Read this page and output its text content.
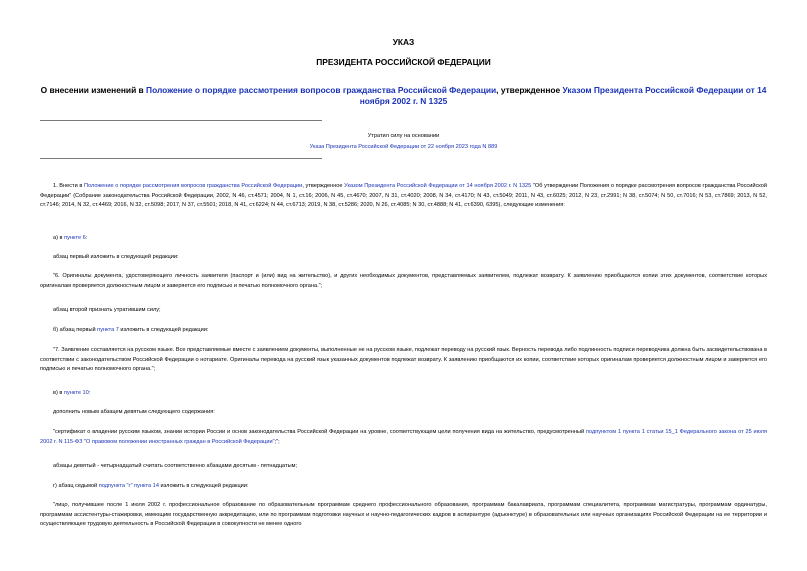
УКАЗ
ПРЕЗИДЕНТА РОССИЙСКОЙ ФЕДЕРАЦИИ
О внесении изменений в Положение о порядке рассмотрения вопросов гражданства Российской Федерации, утвержденное Указом Президента Российской Федерации от 14 ноября 2002 г. N 1325
Утратил силу на основании
Указа Президента Российской Федерации от 22 ноября 2023 года N 889
1. Внести в Положение о порядке рассмотрения вопросов гражданства Российской Федерации, утвержденное Указом Президента Российской Федерации от 14 ноября 2002 г. N 1325 "Об утверждении Положения о порядке рассмотрения вопросов гражданства Российской Федерации" (Собрание законодательства Российской Федерации, 2002, N 46, ст.4571; 2004, N 1, ст.16; 2006, N 45, ст.4670; 2007, N 31, ст.4020; 2008, N 34, ст.4170; N 43, ст.5049; 2011, N 43, ст.6025; 2012, N 23, ст.2991; N 38, ст.5074; N 50, ст.7016; N 53, ст.7869; 2013, N 52, ст.7146; 2014, N 32, ст.4469; 2016, N 32, ст.5098; 2017, N 37, ст.5501; 2018, N 41, ст.6224; N 44, ст.6713; 2019, N 38, ст.5286; 2020, N 26, ст.4085; N 30, ст.4888; N 41, ст.6390, 6395), следующие изменения:
а) в пункте 6:
абзац первый изложить в следующей редакции:
"6. Оригиналы документа, удостоверяющего личность заявителя (паспорт и (или) вид на жительство), и других необходимых документов, представляемых заявителем, подлежат возврату. К заявлению приобщаются копии этих документов, соответствие которых оригиналам проверяется должностным лицом и заверяется его подписью и печатью полномочного органа.";
абзац второй признать утратившим силу;
б) абзац первый пункта 7 изложить в следующей редакции:
"7. Заявление составляется на русском языке. Все представляемые вместе с заявлением документы, выполненные не на русском языке, подлежат переводу на русский язык. Верность перевода либо подлинность подписи переводчика должна быть засвидетельствована в соответствии с законодательством Российской Федерации о нотариате. Оригиналы перевода на русский язык указанных документов подлежат возврату. К заявлению приобщаются их копии, соответствие которых оригиналам проверяется должностным лицом и заверяется его подписью и печатью полномочного органа.";
в) в пункте 10:
дополнить новым абзацем девятым следующего содержания:
"сертификат о владении русским языком, знании истории России и основ законодательства Российской Федерации на уровне, соответствующем цели получения вида на жительство, предусмотренный подпунктом 1 пункта 1 статьи 15_1 Федерального закона от 25 июля 2002 г. N 115-ФЗ "О правовом положении иностранных граждан в Российской Федерации";";
абзацы девятый - четырнадцатый считать соответственно абзацами десятым - пятнадцатым;
г) абзац седьмой подпункта "г" пункта 14 изложить в следующей редакции:
"лицо, получившее после 1 июля 2002 г. профессиональное образование по образовательным программам среднего профессионального образования, программам бакалавриата, программам специалитета, программам магистратуры, программам ординатуры, программам ассистентуры-стажировки, имеющим государственную аккредитацию, или по программам подготовки научных и научно-педагогических кадров в аспирантуре (адъюнктуре) в образовательных или научных организациях Российской Федерации на ее территории и осуществляющее трудовую деятельность в Российской Федерации в совокупности не менее одного
